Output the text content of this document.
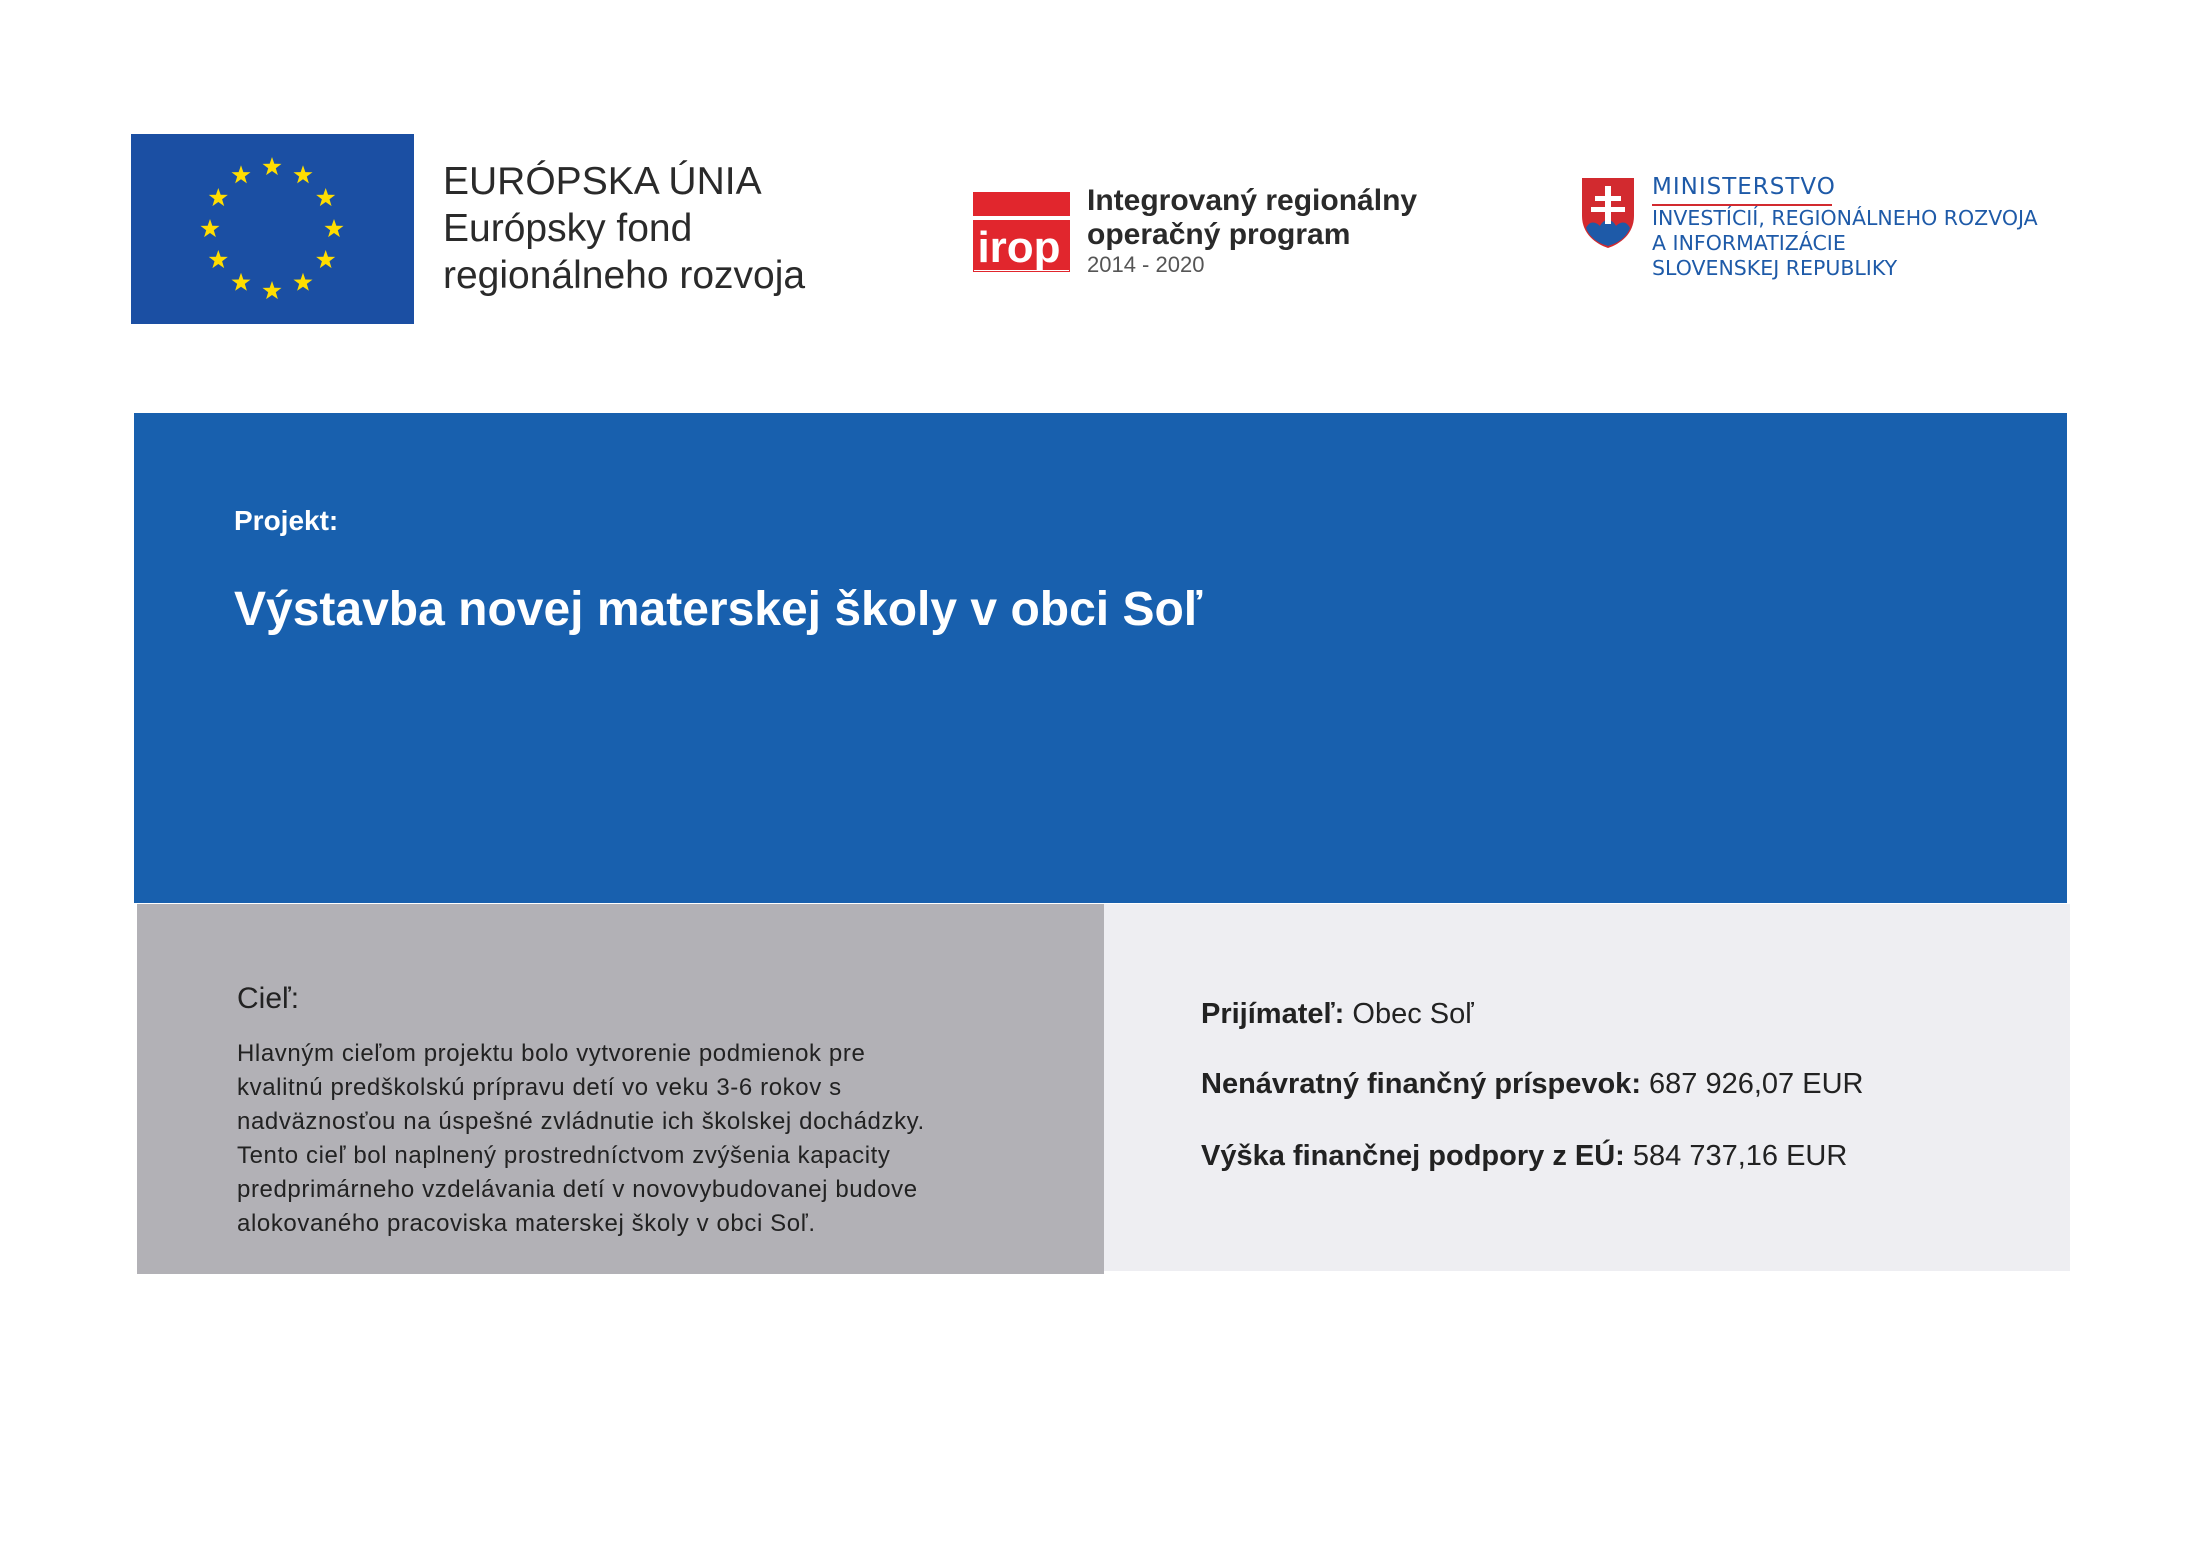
EURÓPSKA ÚNIA
Európsky fond
regionálneho rozvoja
irop
Integrovaný regionálny
operačný program
2014 - 2020
MINISTERSTVO
INVESTÍCIÍ, REGIONÁLNEHO ROZVOJA
A INFORMATIZÁCIE
SLOVENSKEJ REPUBLIKY
Projekt:
Výstavba novej materskej školy v obci Soľ
Cieľ:
Hlavným cieľom projektu bolo vytvorenie podmienok pre
kvalitnú predškolskú prípravu detí vo veku 3-6 rokov s
nadväznosťou na úspešné zvládnutie ich školskej dochádzky.
Tento cieľ bol naplnený prostredníctvom zvýšenia kapacity
predprimárneho vzdelávania detí v novovybudovanej budove
alokovaného pracoviska materskej školy v obci Soľ.
Prijímateľ: Obec Soľ
Nenávratný finančný príspevok: 687 926,07 EUR
Výška finančnej podpory z EÚ: 584 737,16 EUR
